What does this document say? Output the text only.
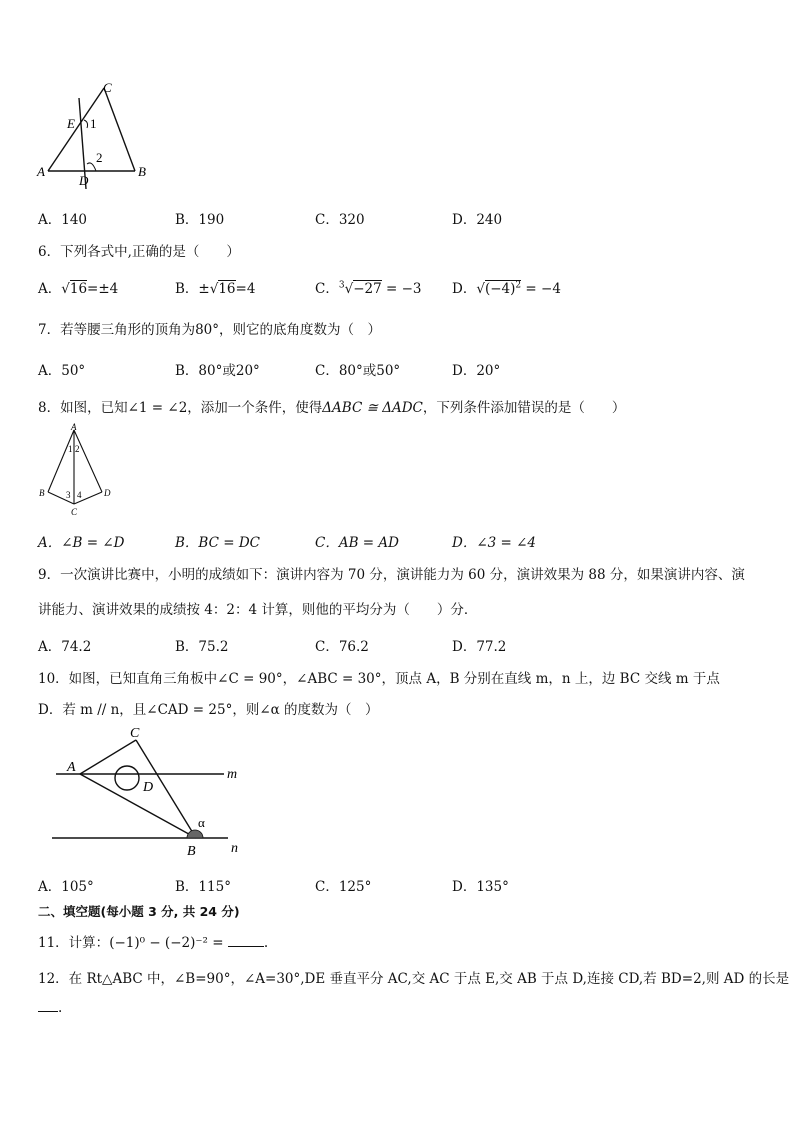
C
E 1
2
A	B
D
A．140	B．190	C．320	D．240
6．下列各式中,正确的是（　　）
A．√16=±4	B．±√16=4	C．$^3$√−27 = −3 D．$√(-4)^2 = -4$
7．若等腰三角形的顶角为80°，则它的底角度数为（　）
A．50°	B．80°或20°	C．80°或50°	D．20°
8．如图，已知∠1 = ∠2，添加一个条件，使得ΔABC ≅ ΔADC，下列条件添加错误的是（　　）
A
1 2
B 3 4	D
C
A．∠B = ∠D	B．BC = DC	C．AB = AD	D．∠3 = ∠4
9．一次演讲比赛中，小明的成绩如下：演讲内容为 70 分，演讲能力为 60 分，演讲效果为 88 分，如果演讲内容、演
讲能力、演讲效果的成绩按 4：2：4 计算，则他的平均分为（　　）分．
A．74.2	B．75.2	C．76.2	D．77.2
10．如图，已知直角三角板中∠C = 90°，∠ABC = 30°，顶点 A，B 分别在直线 m，n 上，边 BC 交线 m 于点
D．若 m // n，且∠CAD = 25°，则∠α 的度数为（　）
C
A	m
D
α
B	n
A．105°	B．115°	C．125°	D．135°
二、填空题(每小题 3 分, 共 24 分)
11．计算：(−1)⁰ − (−2)⁻² =	.
12．在 Rt△ABC 中，∠B=90°，∠A=30°,DE 垂直平分 AC,交 AC 于点 E,交 AB 于点 D,连接 CD,若 BD=2,则 AD 的长是
.
